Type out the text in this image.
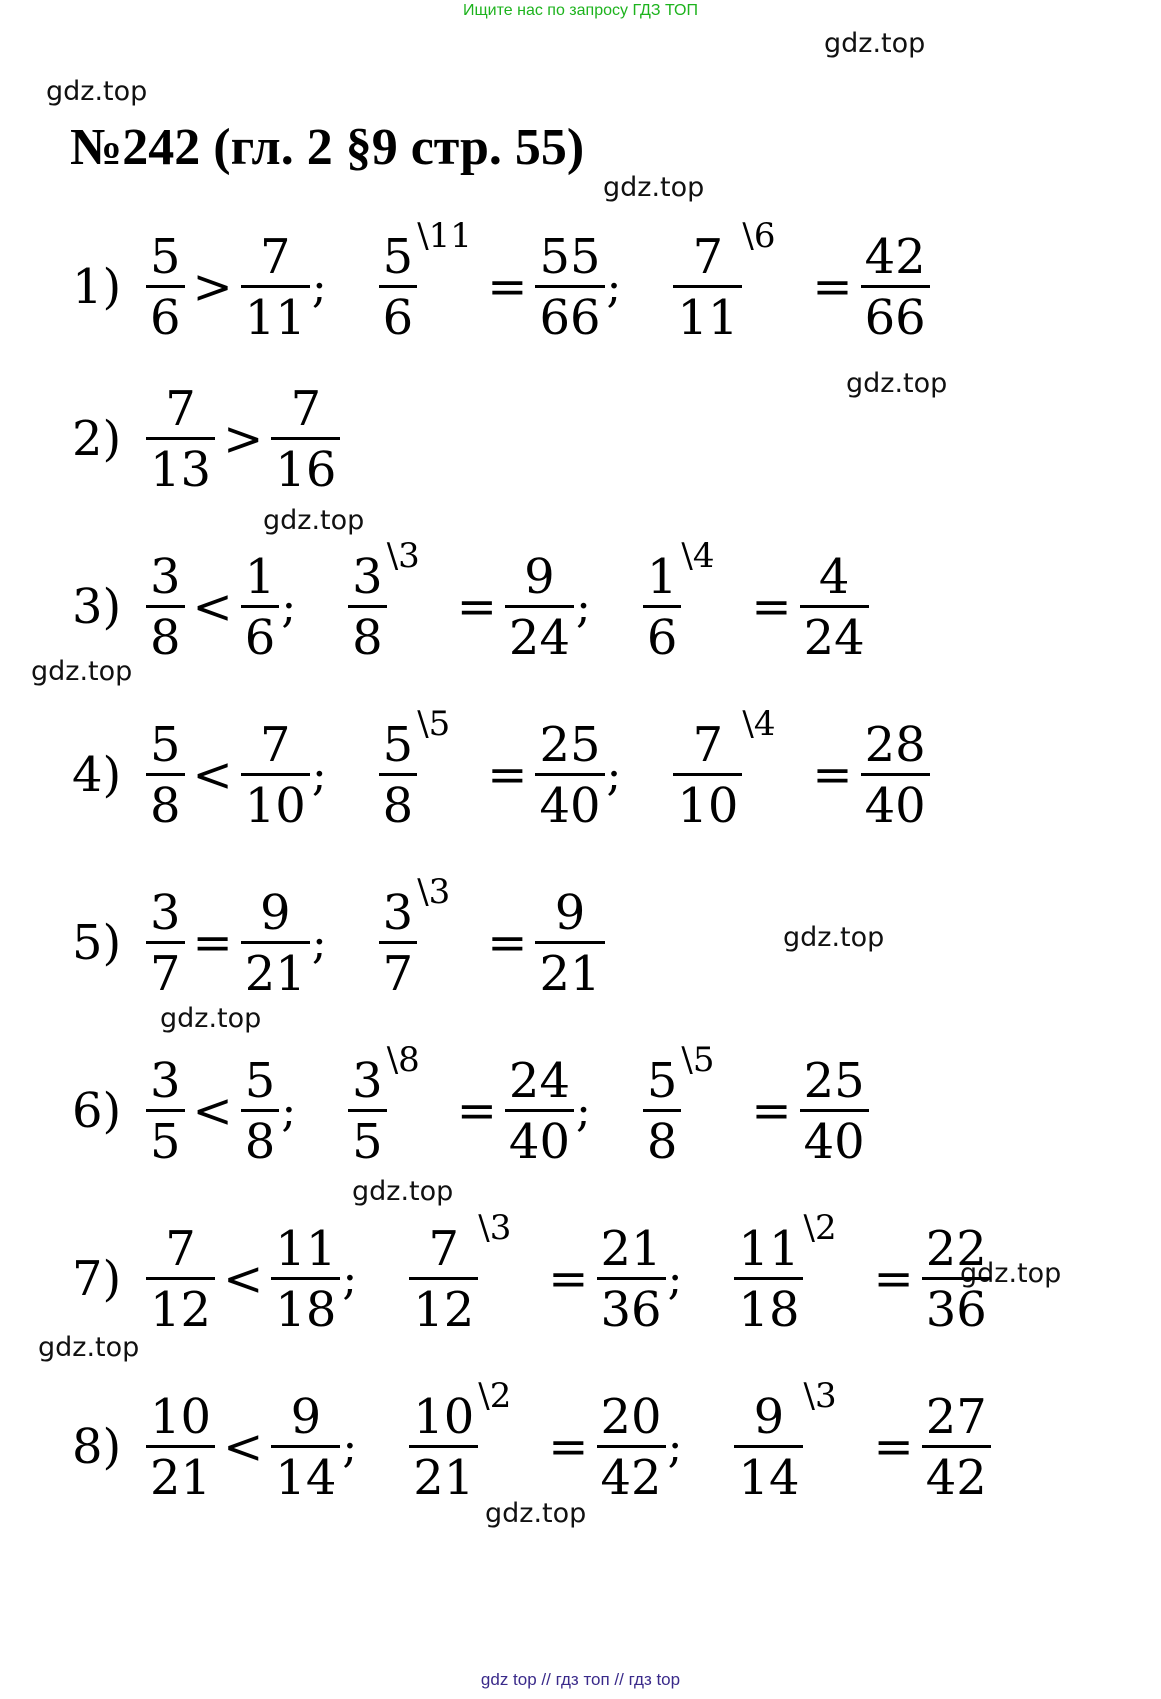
Ищите нас по запросу ГДЗ ТОП
gdz.top
gdz.top
gdz.top
gdz.top
gdz.top
gdz.top
gdz.top
gdz.top
gdz.top
gdz.top
gdz.top
gdz.top
№242 (гл. 2 §9 стр. 55)
$1) \frac{5}{6} > \frac{7}{11}$ ;
5
6
\11
= $\frac{55}{66}$ ;
7
11
\6
= $\frac{42}{66}$
$2) \frac{7}{13} > \frac{7}{16}$
$3) \frac{3}{8} < \frac{1}{6}$ ;
3
8
\3
= $\frac{9}{24}$ ;
1
6
\4
= $\frac{4}{24}$
$4) \frac{5}{8} < \frac{7}{10}$ ;
5
8
\5
= $\frac{25}{40}$ ;
7
10
\4
= $\frac{28}{40}$
$5) \frac{3}{7} = \frac{9}{21}$ ;
3
7
\3
= $\frac{9}{21}$
$6) \frac{3}{5} < \frac{5}{8}$ ;
3
5
\8
= $\frac{24}{40}$ ;
5
8
\5
= $\frac{25}{40}$
$7) \frac{7}{12} < \frac{11}{18}$ ;
7
12
\3
= $\frac{21}{36}$ ;
11
18
\2
= $\frac{22}{36}$
$8) \frac{10}{21} < \frac{9}{14}$ ;
10
21
\2
= $\frac{20}{42}$ ;
9
14
\3
= $\frac{27}{42}$
gdz top // гдз топ // гдз top
